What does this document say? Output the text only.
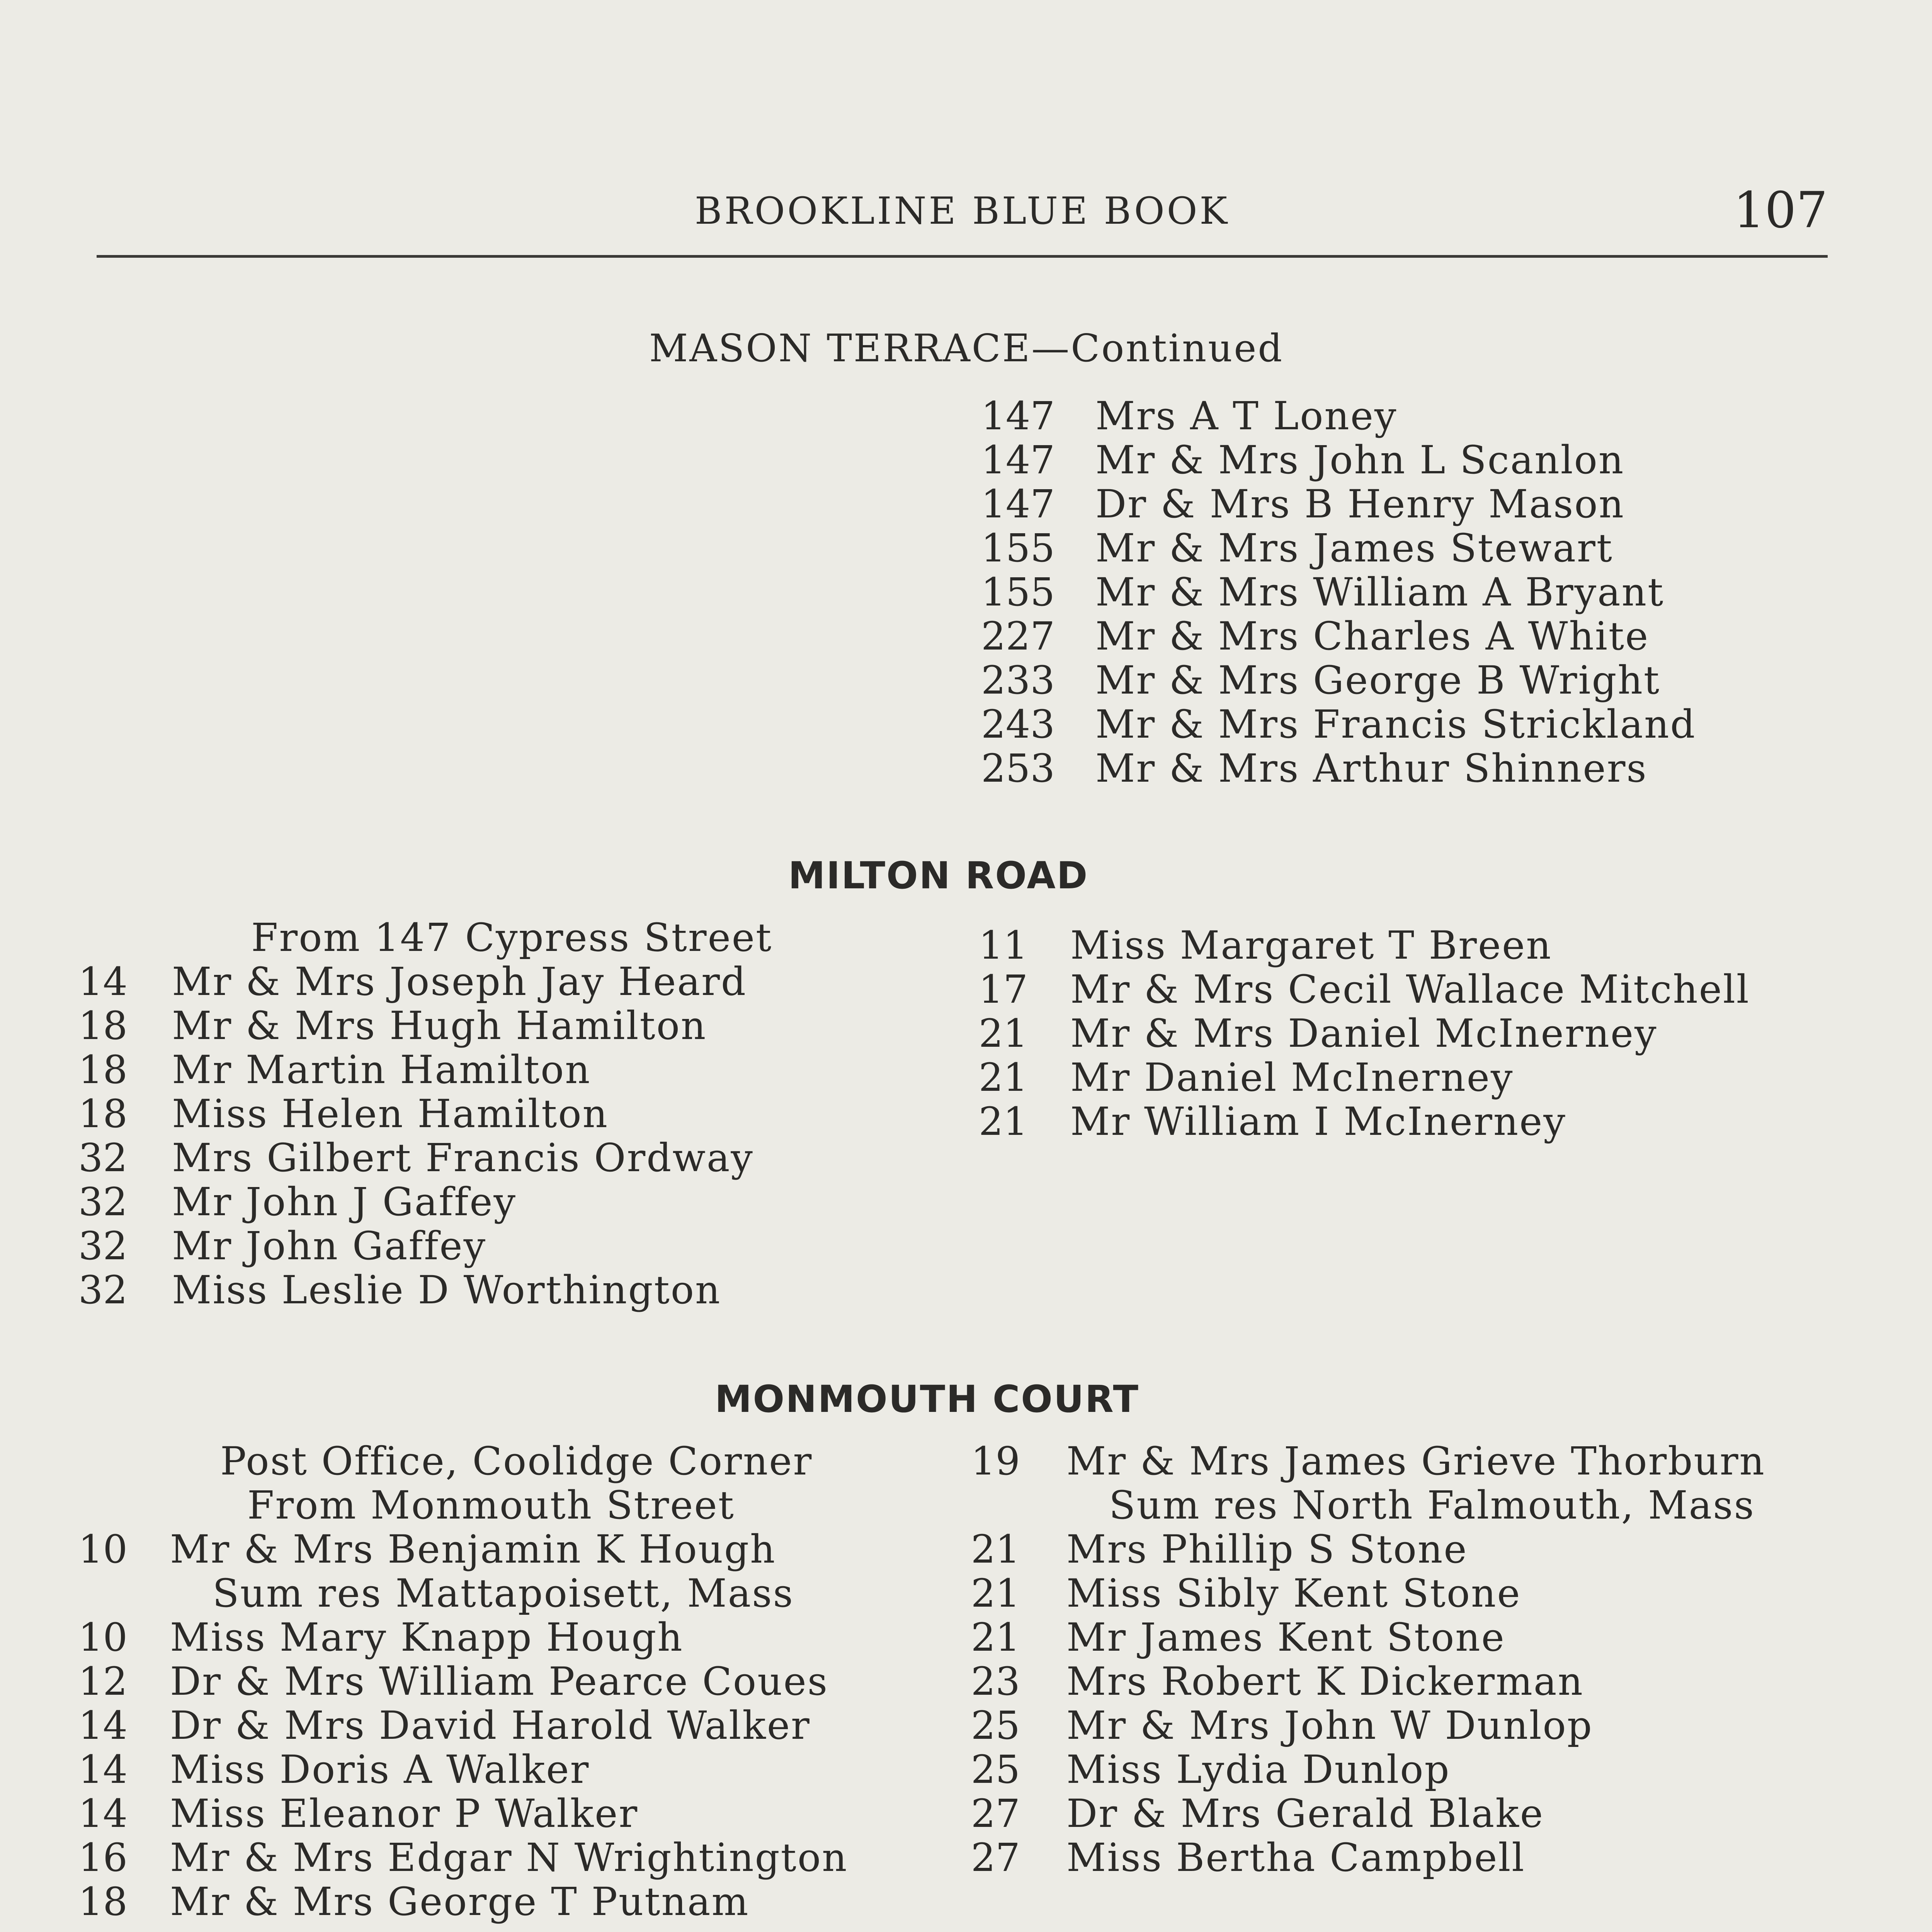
BROOKLINE BLUE BOOK	107
MASON TERRACE—Continued
147 Mrs A T Loney
147 Mr & Mrs John L Scanlon
147 Dr & Mrs B Henry Mason
155 Mr & Mrs James Stewart
155 Mr & Mrs William A Bryant
227 Mr & Mrs Charles A White
233 Mr & Mrs George B Wright
243 Mr & Mrs Francis Strickland
253 Mr & Mrs Arthur Shinners
MILTON ROAD
From 147 Cypress Street
14 Mr & Mrs Joseph Jay Heard
18 Mr & Mrs Hugh Hamilton
18 Mr Martin Hamilton
18 Miss Helen Hamilton
32 Mrs Gilbert Francis Ordway
32 Mr John J Gaffey
32 Mr John Gaffey
32 Miss Leslie D Worthington
11 Miss Margaret T Breen
17 Mr & Mrs Cecil Wallace Mitchell
21 Mr & Mrs Daniel McInerney
21 Mr Daniel McInerney
21 Mr William I McInerney
MONMOUTH COURT
Post Office, Coolidge Corner
From Monmouth Street
10 Mr & Mrs Benjamin K Hough
Sum res Mattapoisett, Mass
10 Miss Mary Knapp Hough
12 Dr & Mrs William Pearce Coues
14 Dr & Mrs David Harold Walker
14 Miss Doris A Walker
14 Miss Eleanor P Walker
16 Mr & Mrs Edgar N Wrightington
18 Mr & Mrs George T Putnam
19 Mr & Mrs James Grieve Thorburn
Sum res North Falmouth, Mass
21 Mrs Phillip S Stone
21 Miss Sibly Kent Stone
21 Mr James Kent Stone
23 Mrs Robert K Dickerman
25 Mr & Mrs John W Dunlop
25 Miss Lydia Dunlop
27 Dr & Mrs Gerald Blake
27 Miss Bertha Campbell
